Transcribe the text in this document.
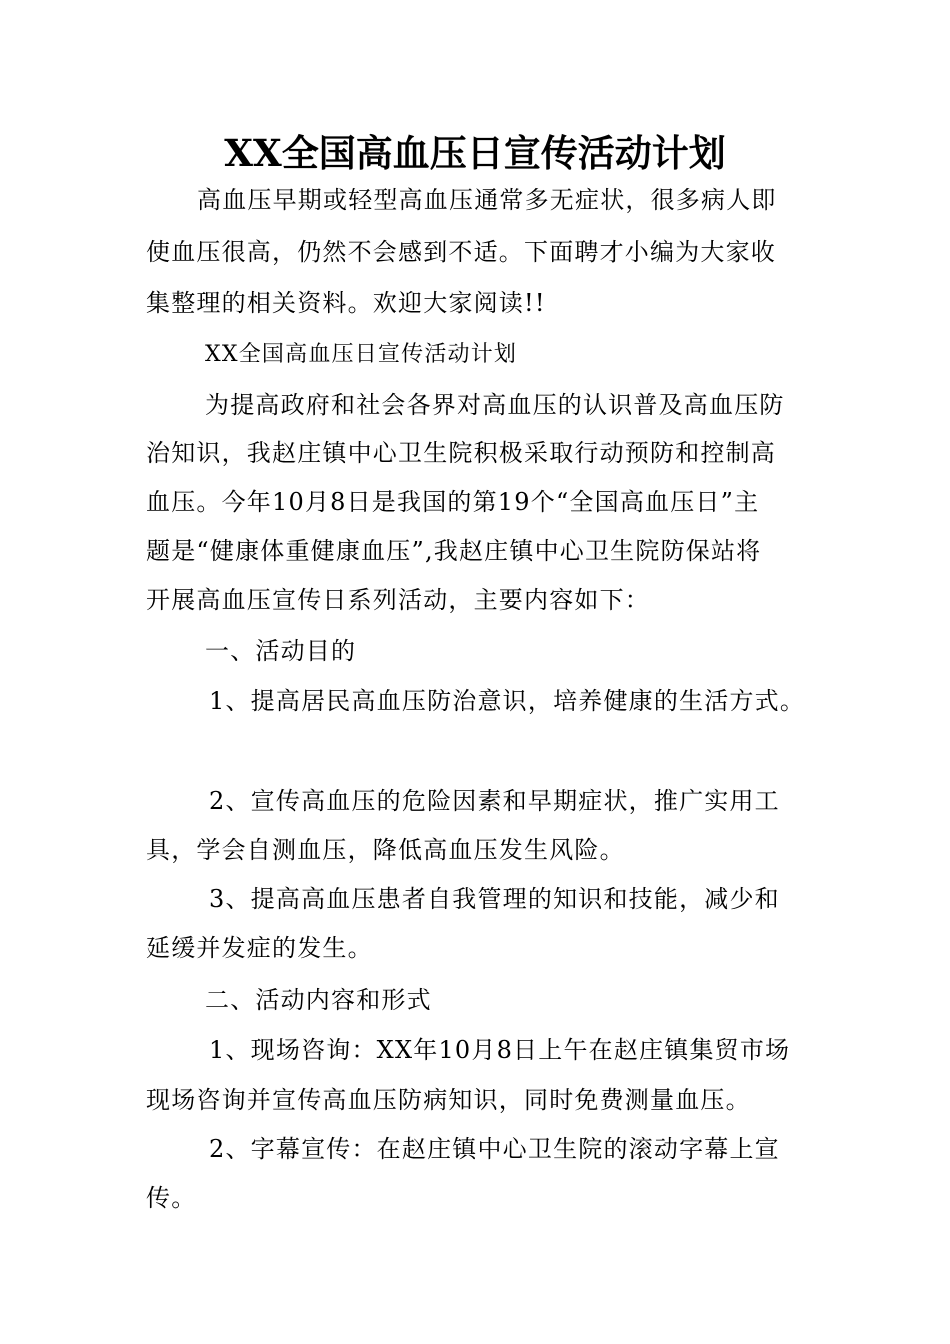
XX全国高血压日宣传活动计划
高血压早期或轻型高血压通常多无症状，很多病人即
使血压很高，仍然不会感到不适。下面聘才小编为大家收
集整理的相关资料。欢迎大家阅读!!
XX全国高血压日宣传活动计划
为提高政府和社会各界对高血压的认识普及高血压防
治知识，我赵庄镇中心卫生院积极采取行动预防和控制高
血压。今年10月8日是我国的第19个“全国高血压日”主
题是“健康体重健康血压”,我赵庄镇中心卫生院防保站将
开展高血压宣传日系列活动，主要内容如下：
一、活动目的
1、提高居民高血压防治意识，培养健康的生活方式。
2、宣传高血压的危险因素和早期症状，推广实用工
具，学会自测血压，降低高血压发生风险。
3、提高高血压患者自我管理的知识和技能，减少和
延缓并发症的发生。
二、活动内容和形式
1、现场咨询：XX年10月8日上午在赵庄镇集贸市场
现场咨询并宣传高血压防病知识，同时免费测量血压。
2、字幕宣传：在赵庄镇中心卫生院的滚动字幕上宣
传。
